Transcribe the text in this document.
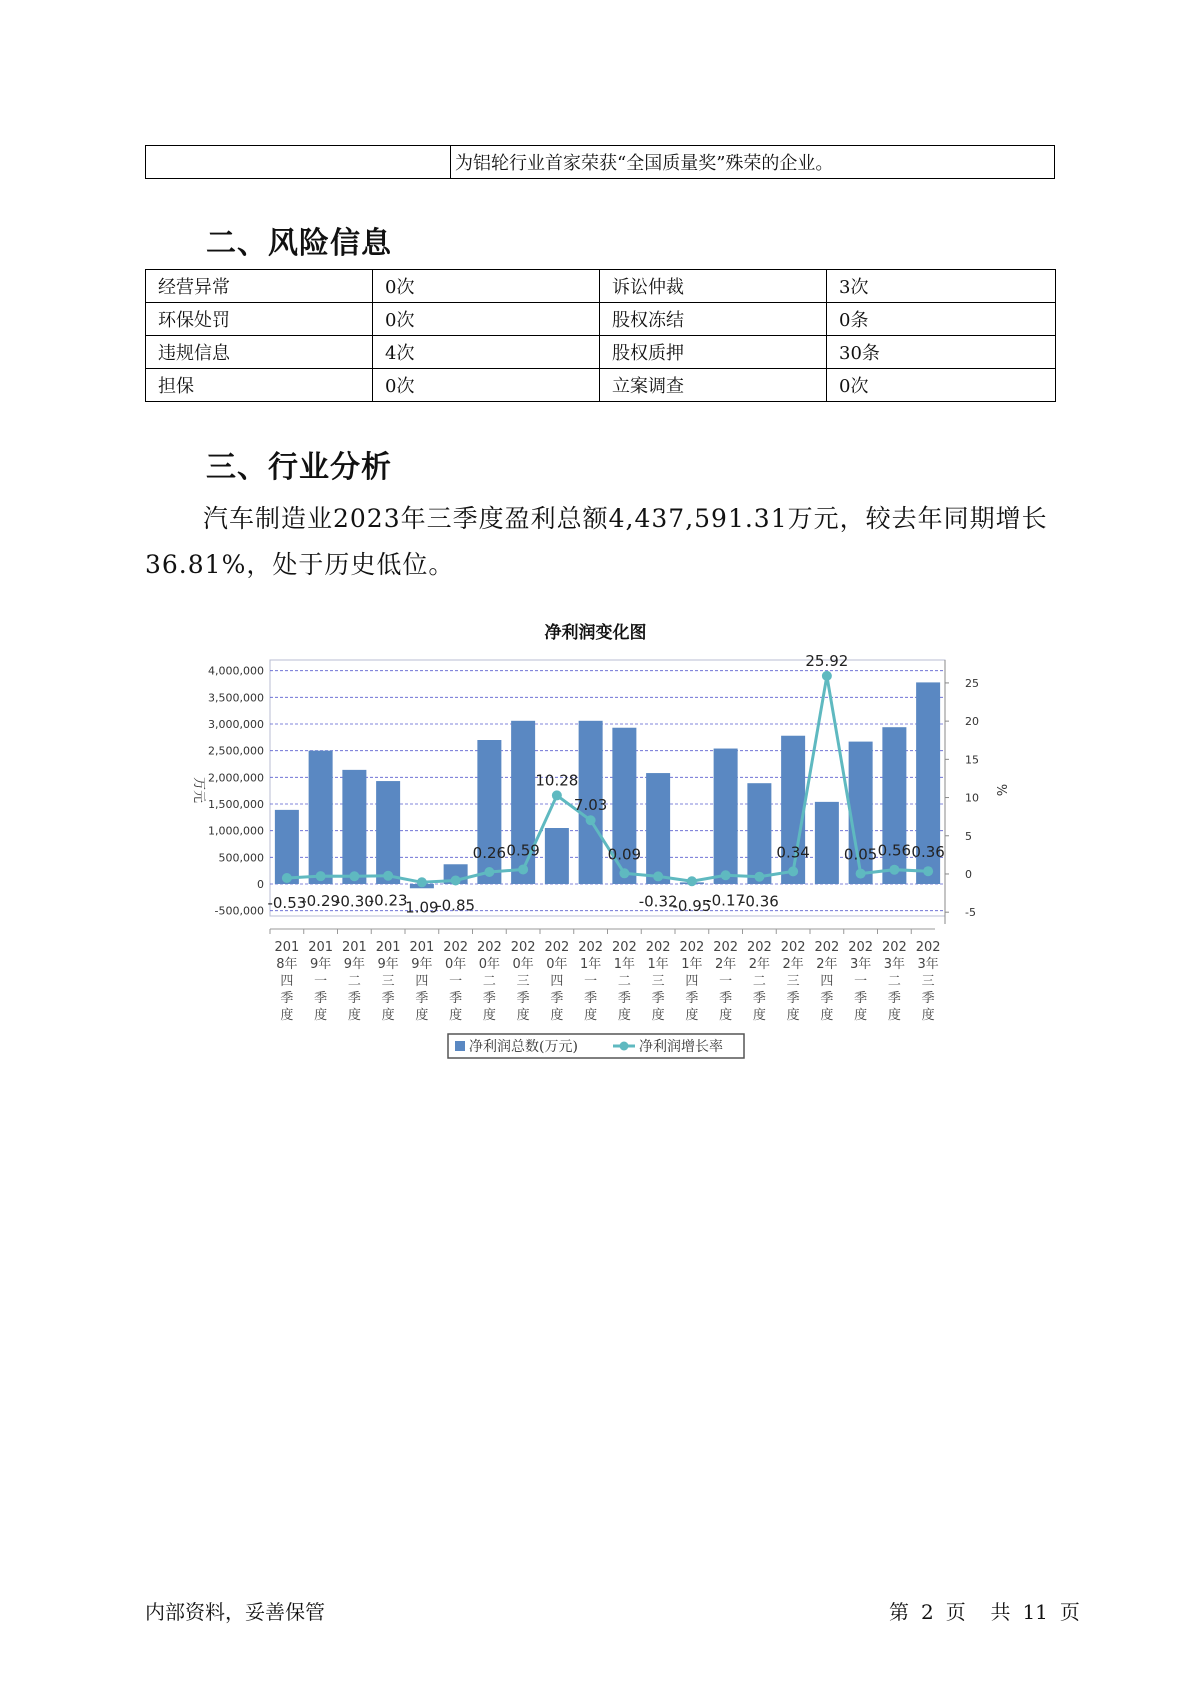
	为铝轮行业首家荣获“全国质量奖”殊荣的企业。
二、风险信息
经营异常	0次	诉讼仲裁	3次
环保处罚	0次	股权冻结	0条
违规信息	4次	股权质押	30条
担保	0次	立案调查	0次
三、行业分析

汽车制造业2023年三季度盈利总额4,437,591.31万元，较去年同期增长36.81%，处于历史低位。

净利润变化图
4,000,000
3,500,000
3,000,000
2,500,000
2,000,000
1,500,000
1,000,000
500,000
0
-500,000
25
20
15
10
5
0
-5
万元	%
201
8年
四
季
度
201
9年
一
季
度
201
9年
二
季
度
201
9年
三
季
度
201
9年
四
季
度
202
0年
一
季
度
202
0年
二
季
度
202
0年
三
季
度
202
0年
四
季
度
202
1年
一
季
度
202
1年
二
季
度
202
1年
三
季
度
202
1年
四
季
度
202
2年
一
季
度
202
2年
二
季
度
202
2年
三
季
度
202
2年
四
季
度
202
3年
一
季
度
202
3年
二
季
度
202
3年
三
季
度
-0.53
-0.29
-0.30
-0.23
1.09
-0.85
0.26 0.59
10.28
7.03
0.09
-0.32
-0.95
-0.17
-0.36
0.34
25.92
0.05 0.56 0.36
净利润总数(万元)	净利润增长率
内部资料，妥善保管	第 2 页 共 11 页
